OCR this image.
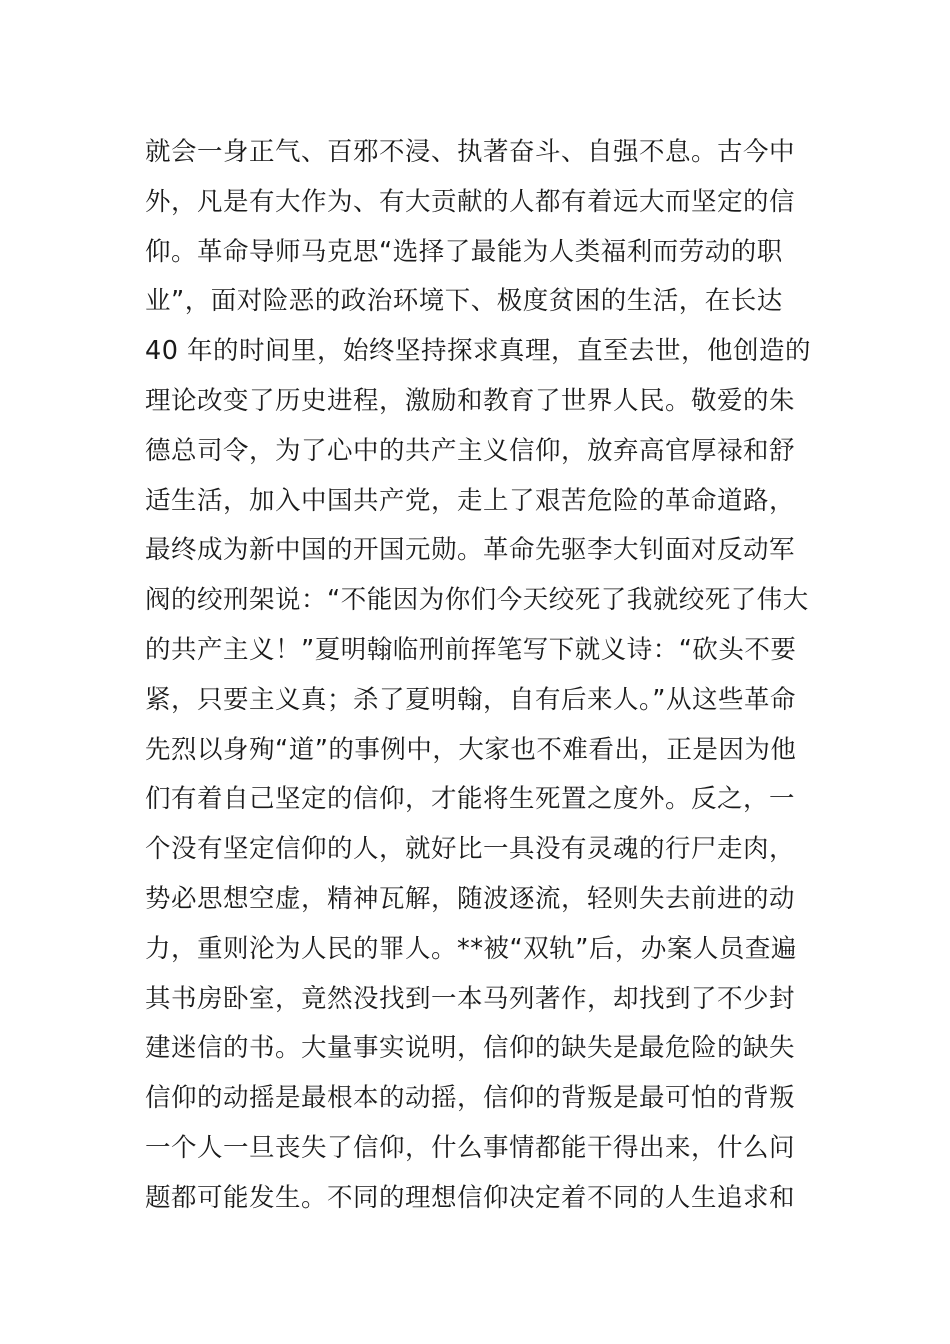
就会一身正气、百邪不浸、执著奋斗、自强不息。古今中
外，凡是有大作为、有大贡献的人都有着远大而坚定的信
仰。革命导师马克思“选择了最能为人类福利而劳动的职
业”，面对险恶的政治环境下、极度贫困的生活，在长达
40 年的时间里，始终坚持探求真理，直至去世，他创造的
理论改变了历史进程，激励和教育了世界人民。敬爱的朱
德总司令，为了心中的共产主义信仰，放弃高官厚禄和舒
适生活，加入中国共产党，走上了艰苦危险的革命道路，
最终成为新中国的开国元勋。革命先驱李大钊面对反动军
阀的绞刑架说：“不能因为你们今天绞死了我就绞死了伟大
的共产主义！”夏明翰临刑前挥笔写下就义诗：“砍头不要
紧，只要主义真；杀了夏明翰，自有后来人。”从这些革命
先烈以身殉“道”的事例中，大家也不难看出，正是因为他
们有着自己坚定的信仰，才能将生死置之度外。反之，一
个没有坚定信仰的人，就好比一具没有灵魂的行尸走肉，
势必思想空虚，精神瓦解，随波逐流，轻则失去前进的动
力，重则沦为人民的罪人。**被“双轨”后，办案人员查遍
其书房卧室，竟然没找到一本马列著作，却找到了不少封
建迷信的书。大量事实说明，信仰的缺失是最危险的缺失
信仰的动摇是最根本的动摇，信仰的背叛是最可怕的背叛
一个人一旦丧失了信仰，什么事情都能干得出来，什么问
题都可能发生。不同的理想信仰决定着不同的人生追求和
